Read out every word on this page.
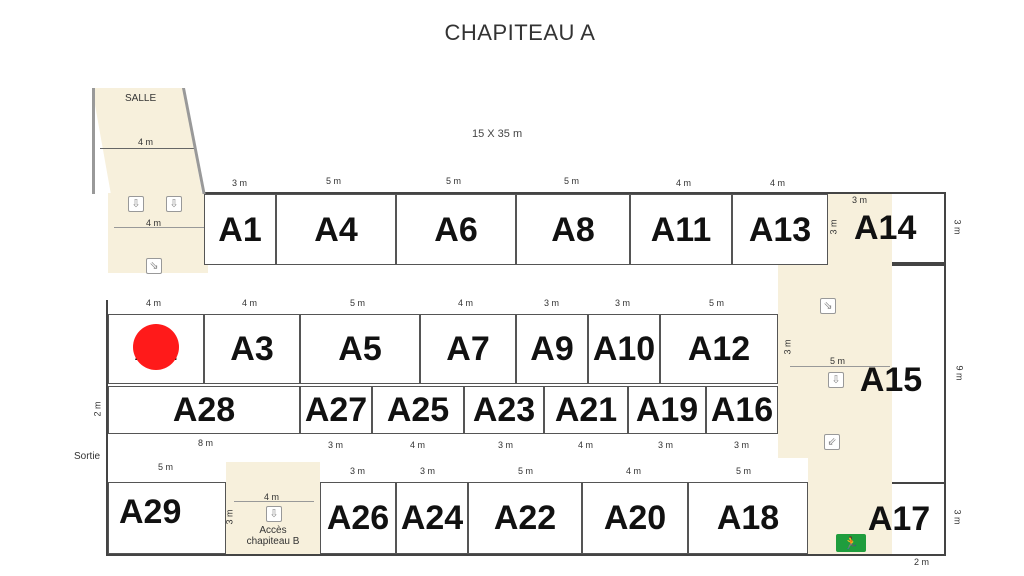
CHAPITEAU A
15 X 35 m
SALLE
4 m
⇩	⇩
⇘
4 m A1 A4 A6 A8 A11 A13 A14
3 m	5 m	5 m	5 m	4 m	4 m
3 m
3 m
3 m
A3 A5 A7 A9 A10 A12
4 m	4 m	5 m	4 m	3 m	3 m	5 m
3 m
A15
5 m
9 m
⇘
⇩
⇙
A28 A27 A25 A23 A21 A19 A16
2 m
8 m	3 m	4 m	3 m	4 m	3 m	3 m
Sortie
A29	A26 A24 A22 A20 A18	A17
5 m	3 m	3 m	5 m	4 m	5 m
3 m
2 m
4 m
3 m	⇩
Accès chapiteau B	🏃
